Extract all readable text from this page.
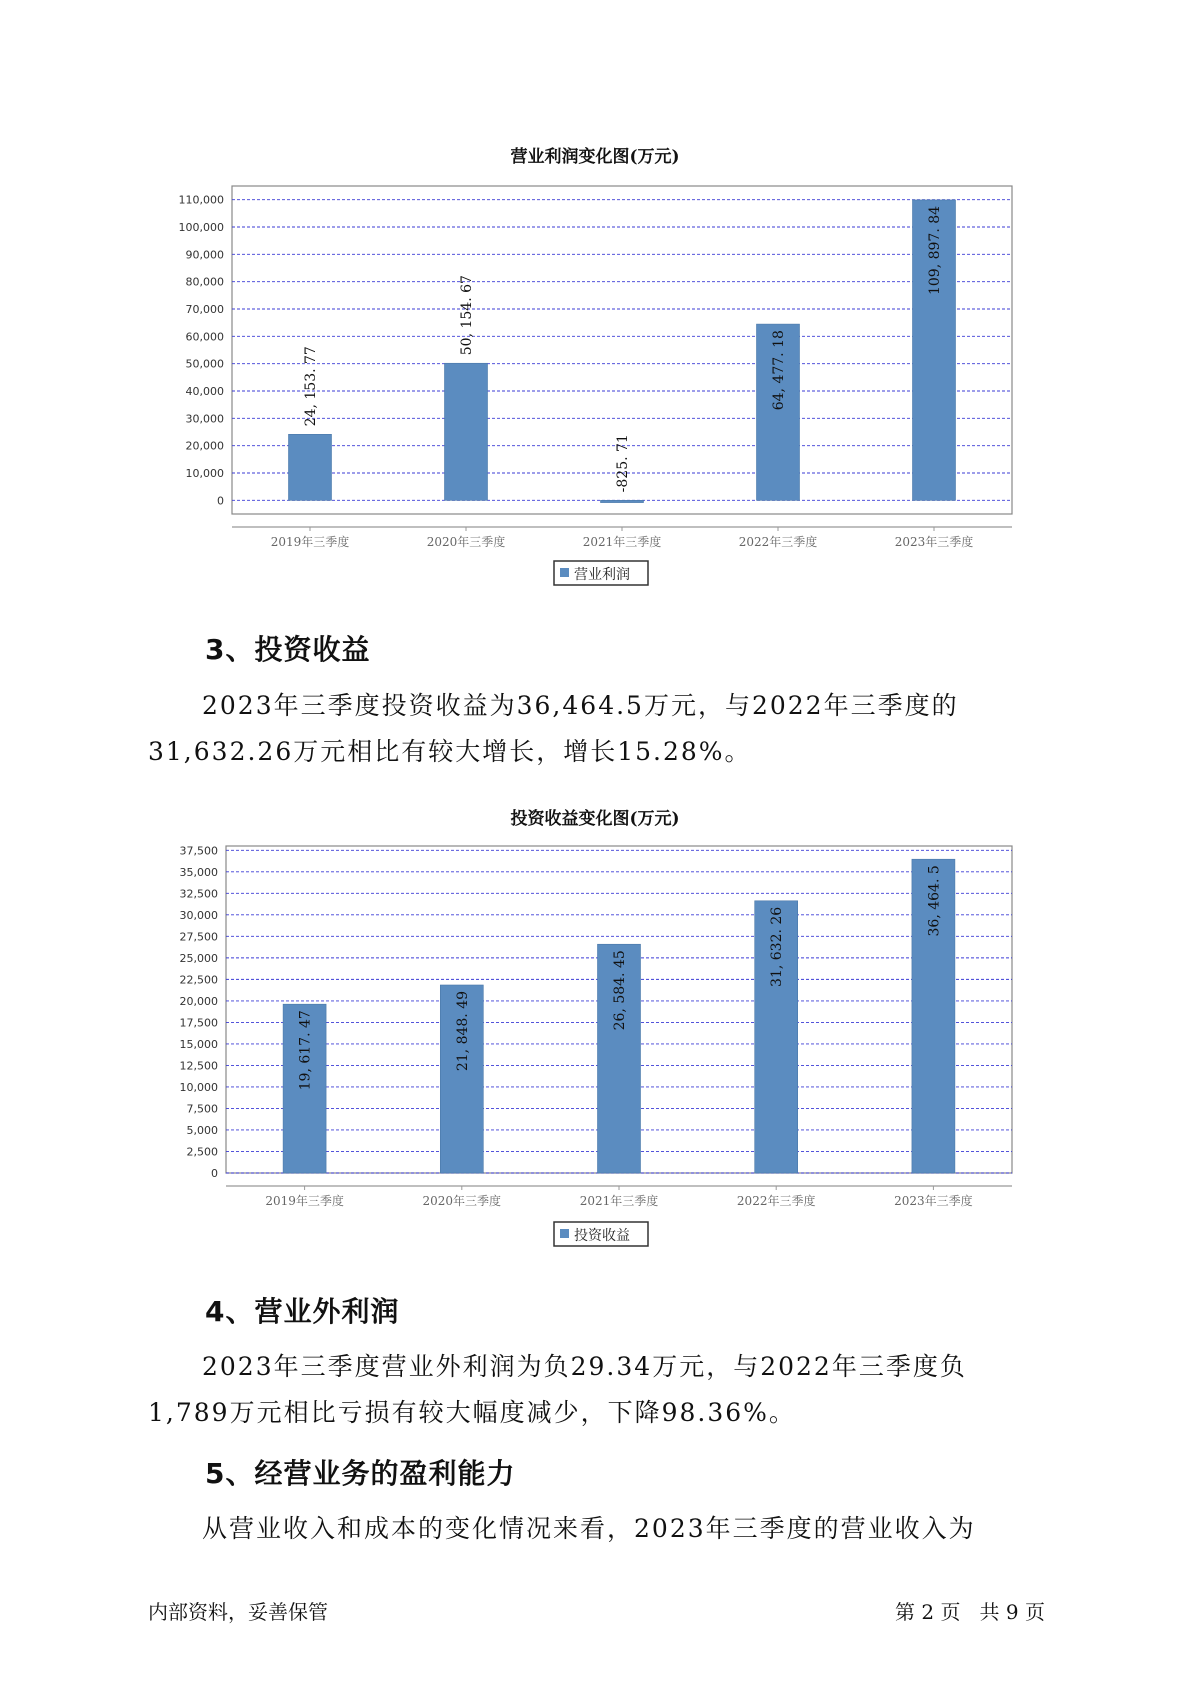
营业利润变化图(万元)
0
10,000
20,000
30,000
40,000
50,000
60,000
70,000
80,000
90,000
100,000
110,000
2019年三季度
24, 153. 77
2020年三季度
50, 154. 67
2021年三季度
-825. 71
2022年三季度
64, 477. 18
2023年三季度
109, 897. 84
营业利润
投资收益变化图(万元)
0
2,500
5,000
7,500
10,000
12,500
15,000
17,500
20,000
22,500
25,000
27,500
30,000
32,500
35,000
37,500
2019年三季度
19, 617. 47
2020年三季度
21, 848. 49
2021年三季度
26, 584. 45
2022年三季度
31, 632. 26
2023年三季度
36, 464. 5
投资收益
3、投资收益

2023年三季度投资收益为36,464.5万元，与2022年三季度的31,632.26万元相比有较大增长，增长15.28%。

4、营业外利润

2023年三季度营业外利润为负29.34万元，与2022年三季度负1,789万元相比亏损有较大幅度减少，下降98.36%。

5、经营业务的盈利能力

从营业收入和成本的变化情况来看，2023年三季度的营业收入为

内部资料，妥善保管	第 2 页   共 9 页
